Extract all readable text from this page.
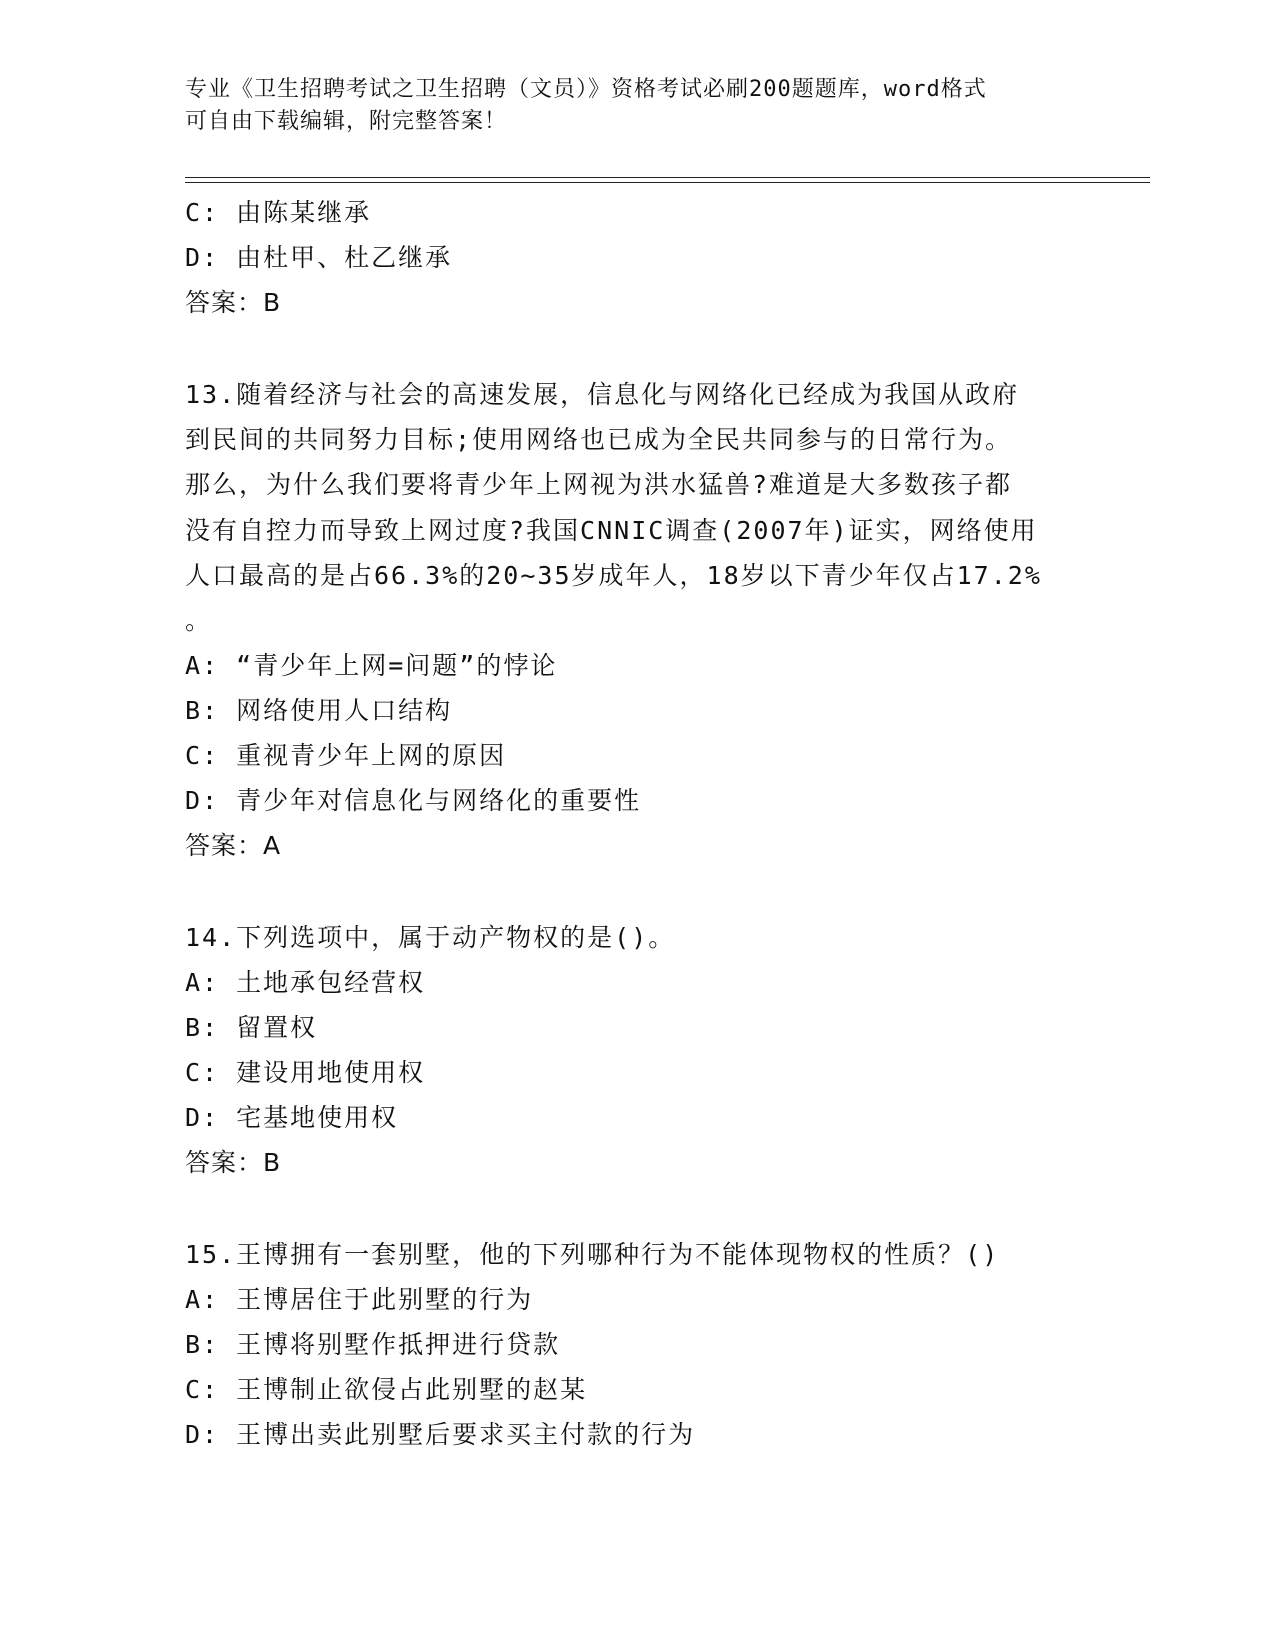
专业《卫生招聘考试之卫生招聘（文员）》资格考试必刷200题题库，word格式
可自由下载编辑，附完整答案！
C: 由陈某继承
D: 由杜甲、杜乙继承
答案：B
13.随着经济与社会的高速发展，信息化与网络化已经成为我国从政府
到民间的共同努力目标;使用网络也已成为全民共同参与的日常行为。
那么，为什么我们要将青少年上网视为洪水猛兽?难道是大多数孩子都
没有自控力而导致上网过度?我国CNNIC调查(2007年)证实，网络使用
人口最高的是占66.3%的20~35岁成年人，18岁以下青少年仅占17.2%
。
A: “青少年上网=问题”的悖论
B: 网络使用人口结构
C: 重视青少年上网的原因
D: 青少年对信息化与网络化的重要性
答案：A
14.下列选项中，属于动产物权的是()。
A: 土地承包经营权
B: 留置权
C: 建设用地使用权
D: 宅基地使用权
答案：B
15.王博拥有一套别墅，他的下列哪种行为不能体现物权的性质？()
A: 王博居住于此别墅的行为
B: 王博将别墅作抵押进行贷款
C: 王博制止欲侵占此别墅的赵某
D: 王博出卖此别墅后要求买主付款的行为
